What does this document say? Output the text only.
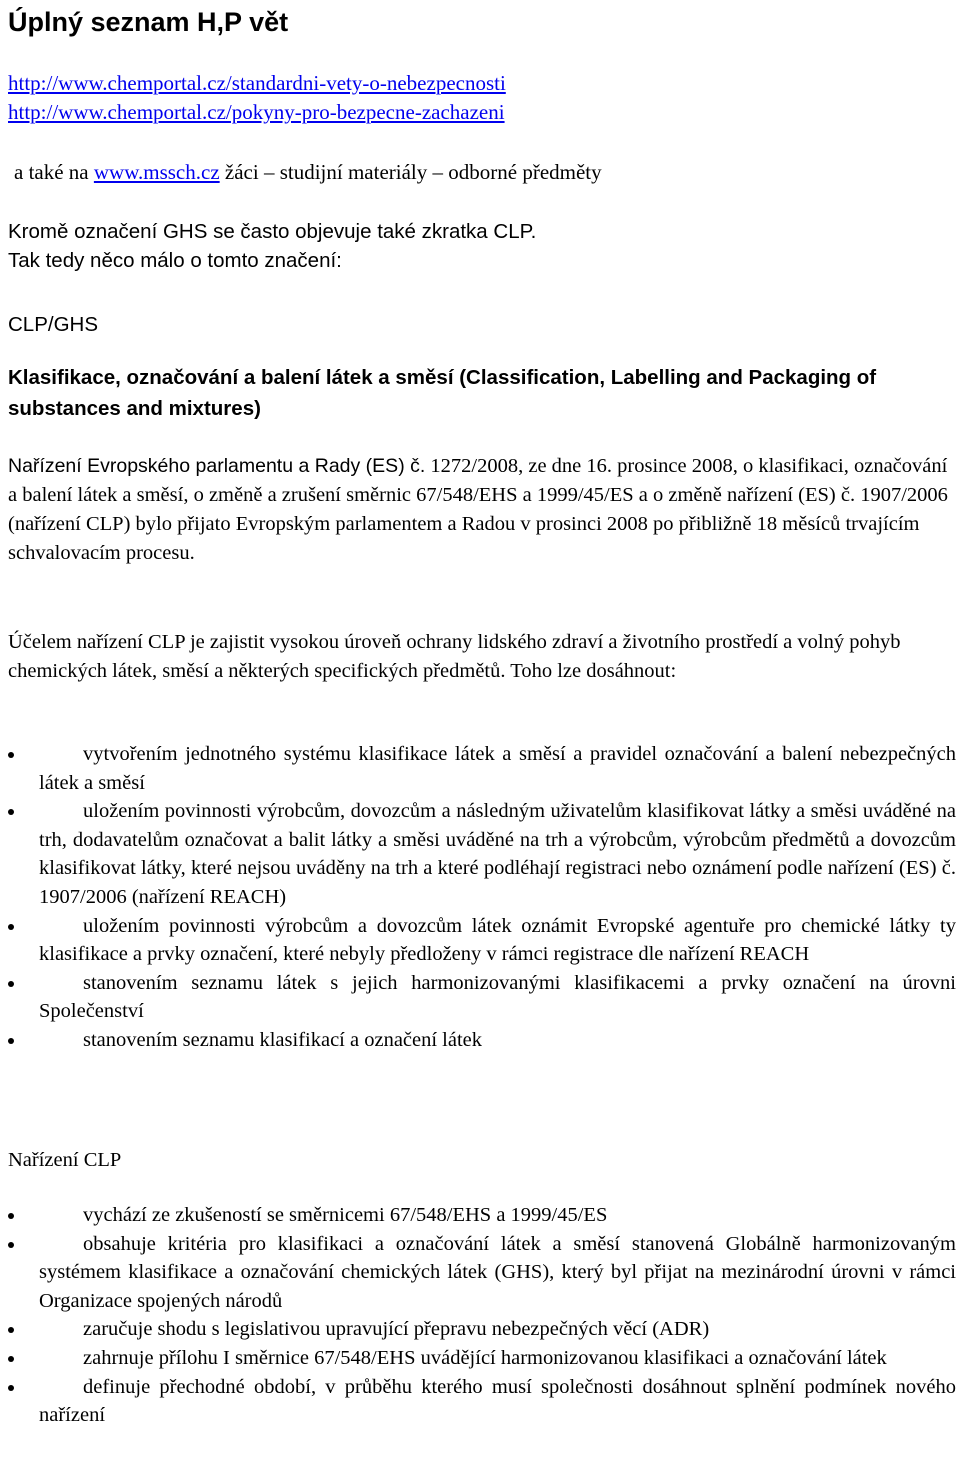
Úplný seznam H,P vět
http://www.chemportal.cz/standardni-vety-o-nebezpecnosti
http://www.chemportal.cz/pokyny-pro-bezpecne-zachazeni
a také na www.mssch.cz žáci – studijní materiály – odborné předměty
Kromě označení GHS se často objevuje také zkratka CLP.
Tak tedy něco málo o tomto značení:
CLP/GHS
Klasifikace, označování a balení látek a směsí (Classification, Labelling and Packaging of substances and mixtures)
Nařízení Evropského parlamentu a Rady (ES) č. 1272/2008, ze dne 16. prosince 2008, o klasifikaci, označování a balení látek a směsí, o změně a zrušení směrnic 67/548/EHS a 1999/45/ES a o změně nařízení (ES) č. 1907/2006 (nařízení CLP) bylo přijato Evropským parlamentem a Radou v prosinci 2008 po přibližně 18 měsíců trvajícím schvalovacím procesu.
Účelem nařízení CLP je zajistit vysokou úroveň ochrany lidského zdraví a životního prostředí a volný pohyb chemických látek, směsí a některých specifických předmětů. Toho lze dosáhnout:
vytvořením jednotného systému klasifikace látek a směsí a pravidel označování a balení nebezpečných látek a směsí
uložením povinnosti výrobcům, dovozcům a následným uživatelům klasifikovat látky a směsi uváděné na trh, dodavatelům označovat a balit látky a směsi uváděné na trh a výrobcům, výrobcům předmětů a dovozcům klasifikovat látky, které nejsou uváděny na trh a které podléhají registraci nebo oznámení podle nařízení (ES) č. 1907/2006 (nařízení REACH)
uložením povinnosti výrobcům a dovozcům látek oznámit Evropské agentuře pro chemické látky ty klasifikace a prvky označení, které nebyly předloženy v rámci registrace dle nařízení REACH
stanovením seznamu látek s jejich harmonizovanými klasifikacemi a prvky označení na úrovni Společenství
stanovením seznamu klasifikací a označení látek
Nařízení CLP
vychází ze zkušeností se směrnicemi 67/548/EHS a 1999/45/ES
obsahuje kritéria pro klasifikaci a označování látek a směsí stanovená Globálně harmonizovaným systémem klasifikace a označování chemických látek (GHS), který byl přijat na mezinárodní úrovni v rámci Organizace spojených národů
zaručuje shodu s legislativou upravující přepravu nebezpečných věcí (ADR)
zahrnuje přílohu I směrnice 67/548/EHS uvádějící harmonizovanou klasifikaci a označování látek
definuje přechodné období, v průběhu kterého musí společnosti dosáhnout splnění podmínek nového nařízení
